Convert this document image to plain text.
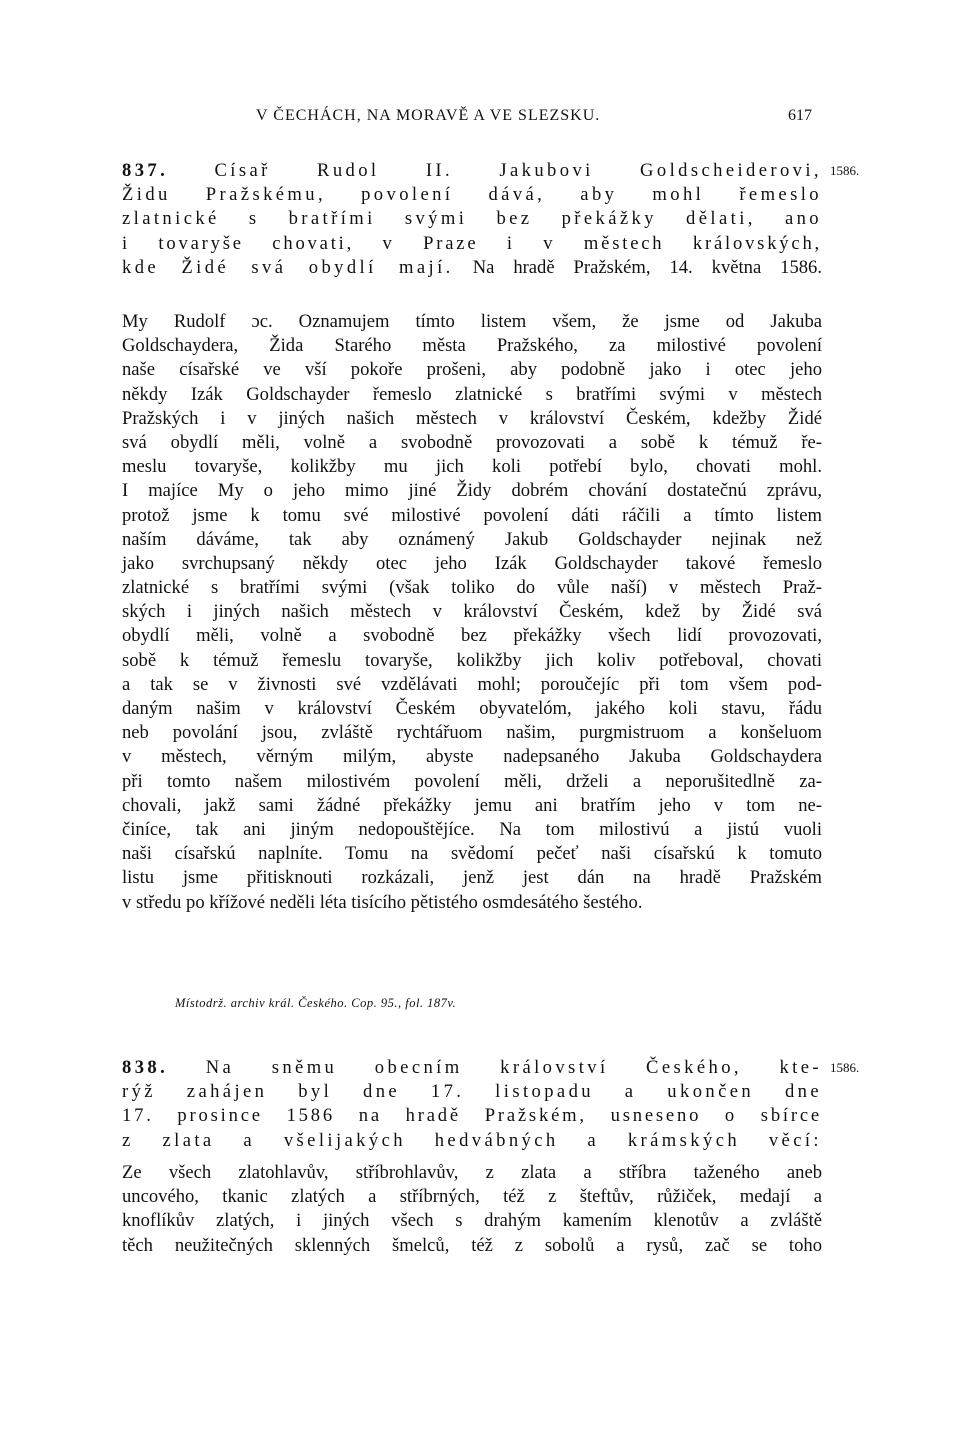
V ČECHÁCH, NA MORAVĚ A VE SLEZSKU.	617
1586.
837. Císař Rudol II. Jakubovi Goldscheiderovi,
Židu Pražskému, povolení dává, aby mohl řemeslo
zlatnické s bratřími svými bez překážky dělati, ano
i tovaryše chovati, v Praze i v městech královských,
kde Židé svá obydlí mají. Na hradě Pražském, 14. května 1586.
My Rudolf ɔc. Oznamujem tímto listem všem, že jsme od Jakuba
Goldschaydera, Žida Starého města Pražského, za milostivé povolení
naše císařské ve vší pokoře prošeni, aby podobně jako i otec jeho
někdy Izák Goldschayder řemeslo zlatnické s bratřími svými v městech
Pražských i v jiných našich městech v království Českém, kdežby Židé
svá obydlí měli, volně a svobodně provozovati a sobě k témuž ře-
meslu tovaryše, kolikžby mu jich koli potřebí bylo, chovati mohl.
I majíce My o jeho mimo jiné Židy dobrém chování dostatečnú zprávu,
protož jsme k tomu své milostivé povolení dáti ráčili a tímto listem
naším dáváme, tak aby oznámený Jakub Goldschayder nejinak než
jako svrchupsaný někdy otec jeho Izák Goldschayder takové řemeslo
zlatnické s bratřími svými (však toliko do vůle naší) v městech Praž-
ských i jiných našich městech v království Českém, kdež by Židé svá
obydlí měli, volně a svobodně bez překážky všech lidí provozovati,
sobě k témuž řemeslu tovaryše, kolikžby jich koliv potřeboval, chovati
a tak se v živnosti své vzdělávati mohl; poroučejíc při tom všem pod-
daným našim v království Českém obyvatelóm, jakého koli stavu, řádu
neb povolání jsou, zvláště rychtářuom našim, purgmistruom a konšeluom
v městech, věrným milým, abyste nadepsaného Jakuba Goldschaydera
při tomto našem milostivém povolení měli, drželi a neporušitedlně za-
chovali, jakž sami žádné překážky jemu ani bratřím jeho v tom ne-
činíce, tak ani jiným nedopouštějíce. Na tom milostivú a jistú vuoli
naši císařskú naplníte. Tomu na svědomí pečeť naši císařskú k tomuto
listu jsme přitisknouti rozkázali, jenž jest dán na hradě Pražském
v středu po křížové neděli léta tisícího pětistého osmdesátého šestého.
Místodrž. archiv král. Českého. Cop. 95., fol. 187v.
1586.
838. Na sněmu obecním království Českého, kte-
rýž zahájen byl dne 17. listopadu a ukončen dne
17. prosince 1586 na hradě Pražském, usneseno o sbírce
z zlata a všelijakých hedvábných a krámských věcí:
Ze všech zlatohlavův, stříbrohlavův, z zlata a stříbra taženého aneb
uncového, tkanic zlatých a stříbrných, též z šteftův, růžiček, medají a
knoflíkův zlatých, i jiných všech s drahým kamením klenotův a zvláště
těch neužitečných sklenných šmelců, též z sobolů a rysů, zač se toho
